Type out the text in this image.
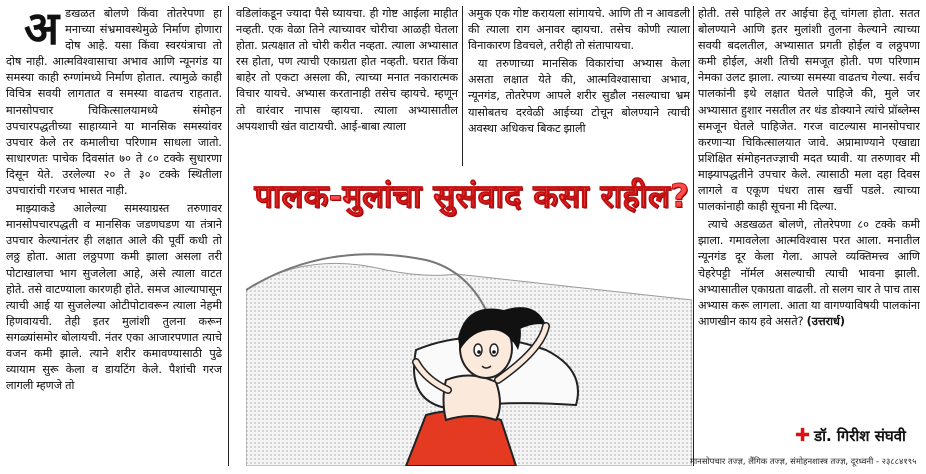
अ डखळत बोलणे किंवा तोतरेपणा हा मनाच्या संभ्रमावस्थेमुळे निर्माण होणारा दोष आहे. यसा किंवा स्वरयंत्राचा तो दोष नाही. आत्मविश्वासाचा अभाव आणि न्यूनगंड या समस्या काही रुग्णांमध्ये निर्माण होतात. त्यामुळे काही विचित्र सवयी लागतात व समस्या वाढतच राहतात. मानसोपचार चिकित्सालयामध्ये संमोहन उपचारपद्धतीच्या साहाय्याने या मानसिक समस्यांवर उपचार केले तर कमालीचा परिणाम साधला जातो. साधारणतः पाचेक दिवसांत ७० ते ८० टक्के सुधारणा दिसून येते. उरलेल्या २० ते ३० टक्के स्थितीला उपचारांची गरजच भासत नाही.

माझ्याकडे आलेल्या समस्याग्रस्त तरुणावर मानसोपचारपद्धती व मानसिक जडणघडण या तंत्राने उपचार केल्यानंतर ही लक्षात आले की पूर्वी कधी तो लठ्ठ होता. आता लठ्ठपणा कमी झाला असला तरी पोटाखालचा भाग सुजलेला आहे, असे त्याला वाटत होते. तसे वाटण्याला कारणही होते. समज आल्यापासून त्याची आई या सुजलेल्या ओटीपोटावरून त्याला नेहमी हिणवायची. तेही इतर मुलांशी तुलना करून सगळ्यांसमोर बोलायची. नंतर एका आजारपणात त्याचे वजन कमी झाले. त्याने शरीर कमावण्यासाठी पुढे व्यायाम सुरू केला व डायटिंग केले. पैशांची गरज लागली म्हणजे तो

वडिलांकडून ज्यादा पैसे घ्यायचा. ही गोष्ट आईला माहीत नव्हती. एक वेळा तिने त्याच्यावर चोरीचा आळही घेतला होता. प्रत्यक्षात तो चोरी करीत नव्हता. त्याला अभ्यासात रस होता, पण त्याची एकाग्रता होत नव्हती. घरात किंवा बाहेर तो एकटा असला की, त्याच्या मनात नकारात्मक विचार यायचे. अभ्यास करतानाही तसेच व्हायचे. म्हणून तो वारंवार नापास व्हायचा. त्याला अभ्यासातील अपयशाची खंत वाटायची. आई-बाबा त्याला

अमुक एक गोष्ट करायला सांगायचे. आणि ती न आवडली की त्याला राग अनावर व्हायचा. तसेच कोणी त्याला विनाकारण डिवचले, तरीही तो संतापायचा.

या तरुणाच्या मानसिक विकारांचा अभ्यास केला असता लक्षात येते की, आत्मविश्वासाचा अभाव, न्यूनगंड, तोतरेपण आपले शरीर सुडौल नसल्याचा भ्रम यासोबतच दरवेळी आईच्या टोचून बोलण्याने त्याची अवस्था अधिकच बिकट झाली

होती. तसे पाहिले तर आईचा हेतू चांगला होता. सतत बोलण्याने आणि इतर मुलांशी तुलना केल्याने त्याच्या सवयी बदलतील, अभ्यासात प्रगती होईल व लठ्ठपणा कमी होईल, अशी तिची समजूत होती. पण परिणाम नेमका उलट झाला. त्याच्या समस्या वाढतच गेल्या. सर्वच पालकांनी इथे लक्षात घेतले पाहिजे की, मुले जर अभ्यासात हुशार नसतील तर थंड डोक्याने त्यांचे प्रॉब्लेम्स समजून घेतले पाहिजेत. गरज वाटल्यास मानसोपचार करणाऱ्या चिकित्सालयात जावे. अप्रामाण्याने एखाद्या प्रशिक्षित संमोहनतज्ज्ञाची मदत घ्यावी. या तरुणावर मी माझ्यापद्धतीने उपचार केले. त्यासाठी मला दहा दिवस लागले व एकूण पंधरा तास खर्ची पडले. त्याच्या पालकांनाही काही सूचना मी दिल्या.

त्याचे अडखळत बोलणे, तोतरेपणा ८० टक्के कमी झाला. गमावलेला आत्मविश्वास परत आला. मनातील न्यूनगंड दूर केला गेला. आपले व्यक्तिमत्त्व आणि चेहरेपट्टी नॉर्मल असल्याची त्याची भावना झाली. अभ्यासातील एकाग्रता वाढली. तो सलग चार ते पाच तास अभ्यास करू लागला. आता या वागण्याविषयी पालकांना आणखीन काय हवे असते? (उत्तरार्ध)

पालक-मुलांचा सुसंवाद कसा राहील?
✚ डॉ. गिरीश संघवी
मानसोपचार तज्ज्ञ, लैंगिक तज्ज्ञ, संमोहनशास्त्र तज्ज्ञ, दूरध्वनी - २३८८४१९५
